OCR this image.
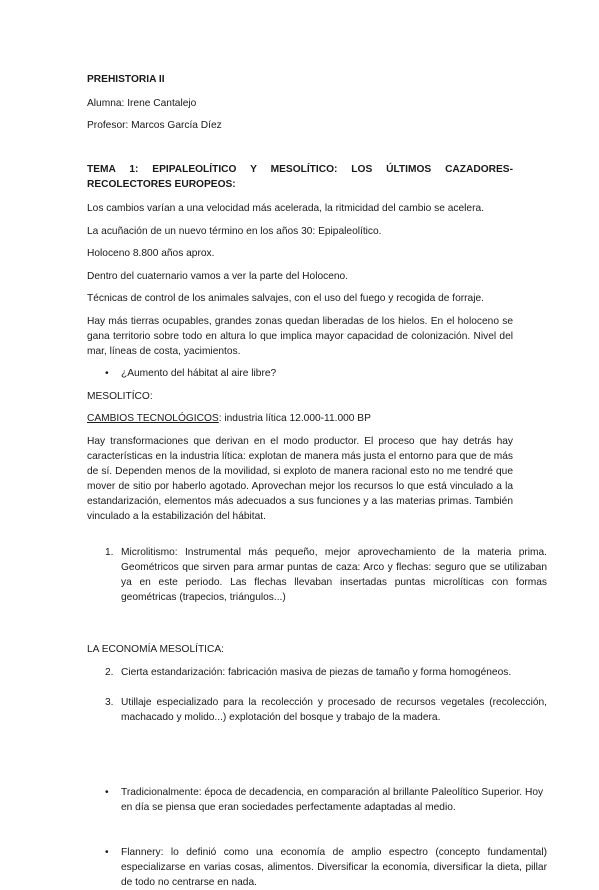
PREHISTORIA II
Alumna: Irene Cantalejo
Profesor: Marcos García Díez
TEMA 1: EPIPALEOLÍTICO Y MESOLÍTICO: LOS ÚLTIMOS CAZADORES-RECOLECTORES EUROPEOS:
Los cambios varían a una velocidad más acelerada, la ritmicidad del cambio se acelera.
La acuñación de un nuevo término en los años 30: Epipaleolítico.
Holoceno 8.800 años aprox.
Dentro del cuaternario vamos a ver la parte del Holoceno.
Técnicas de control de los animales salvajes, con el uso del fuego y recogida de forraje.
Hay más tierras ocupables, grandes zonas quedan liberadas de los hielos. En el holoceno se gana territorio sobre todo en altura lo que implica mayor capacidad de colonización. Nivel del mar, líneas de costa, yacimientos.
• ¿Aumento del hábitat al aire libre?
MESOLITÍCO:
CAMBIOS TECNOLÓGICOS: industria lítica 12.000-11.000 BP
Hay transformaciones que derivan en el modo productor. El proceso que hay detrás hay características en la industria lítica: explotan de manera más justa el entorno para que de más de sí. Dependen menos de la movilidad, si exploto de manera racional esto no me tendré que mover de sitio por haberlo agotado. Aprovechan mejor los recursos lo que está vinculado a la estandarización, elementos más adecuados a sus funciones y a las materias primas. También vinculado a la estabilización del hábitat.
1. Microlitismo: Instrumental más pequeño, mejor aprovechamiento de la materia prima. Geométricos que sirven para armar puntas de caza: Arco y flechas: seguro que se utilizaban ya en este periodo. Las flechas llevaban insertadas puntas microlíticas con formas geométricas (trapecios, triángulos...)
2. Cierta estandarización: fabricación masiva de piezas de tamaño y forma homogéneos.
3. Utillaje especializado para la recolección y procesado de recursos vegetales (recolección, machacado y molido...) explotación del bosque y trabajo de la madera.
LA ECONOMÍA MESOLÍTICA:
• Tradicionalmente: época de decadencia, en comparación al brillante Paleolítico Superior. Hoy en día se piensa que eran sociedades perfectamente adaptadas al medio.
• Flannery: lo definió como una economía de amplio espectro (concepto fundamental) especializarse en varias cosas, alimentos. Diversificar la economía, diversificar la dieta, pillar de todo no centrarse en nada.
